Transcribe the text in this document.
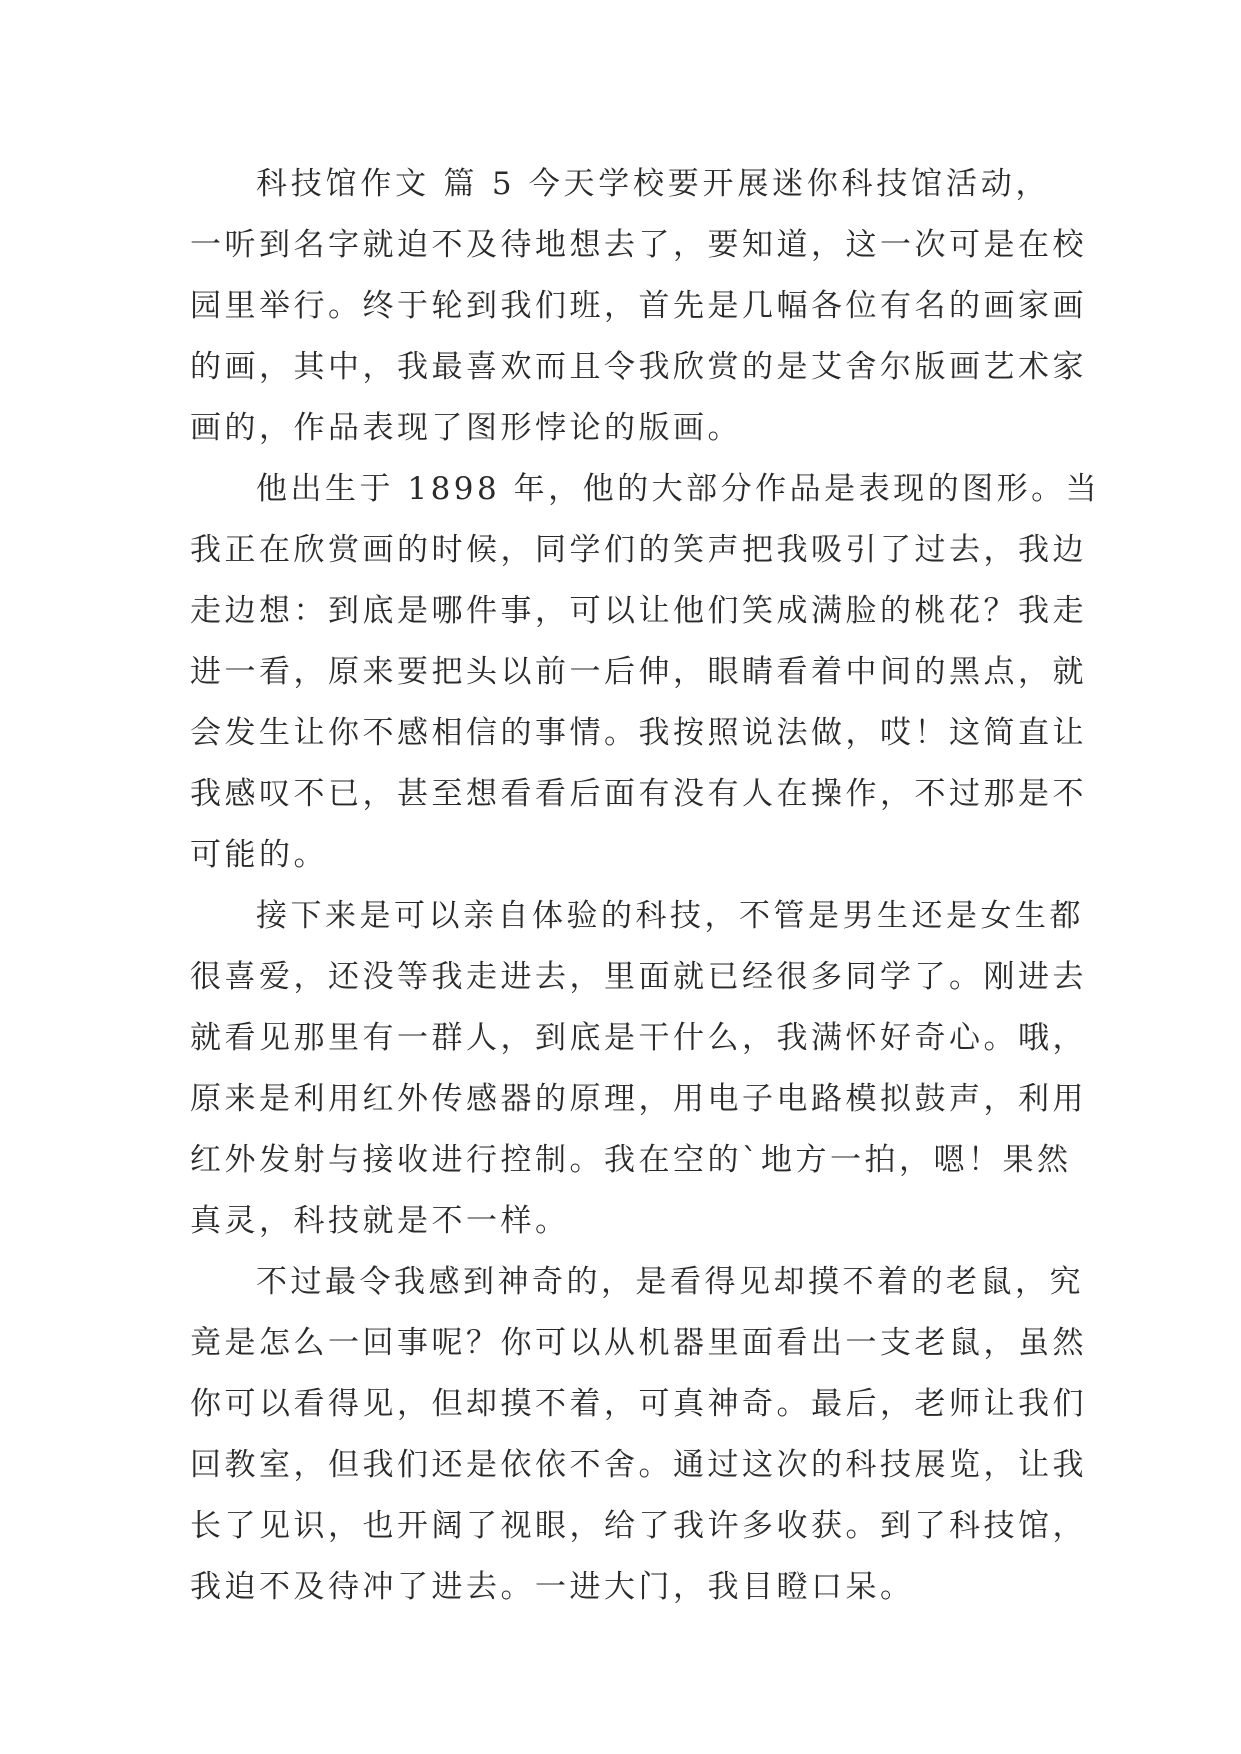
科技馆作文 篇 5 今天学校要开展迷你科技馆活动，
一听到名字就迫不及待地想去了，要知道，这一次可是在校
园里举行。终于轮到我们班，首先是几幅各位有名的画家画
的画，其中，我最喜欢而且令我欣赏的是艾舍尔版画艺术家
画的，作品表现了图形悖论的版画。
他出生于 1898 年，他的大部分作品是表现的图形。当
我正在欣赏画的时候，同学们的笑声把我吸引了过去，我边
走边想：到底是哪件事，可以让他们笑成满脸的桃花？我走
进一看，原来要把头以前一后伸，眼睛看着中间的黑点，就
会发生让你不感相信的事情。我按照说法做，哎！这简直让
我感叹不已，甚至想看看后面有没有人在操作，不过那是不
可能的。
接下来是可以亲自体验的科技，不管是男生还是女生都
很喜爱，还没等我走进去，里面就已经很多同学了。刚进去
就看见那里有一群人，到底是干什么，我满怀好奇心。哦，
原来是利用红外传感器的原理，用电子电路模拟鼓声，利用
红外发射与接收进行控制。我在空的`地方一拍，嗯！果然
真灵，科技就是不一样。
不过最令我感到神奇的，是看得见却摸不着的老鼠，究
竟是怎么一回事呢？你可以从机器里面看出一支老鼠，虽然
你可以看得见，但却摸不着，可真神奇。最后，老师让我们
回教室，但我们还是依依不舍。通过这次的科技展览，让我
长了见识，也开阔了视眼，给了我许多收获。到了科技馆，
我迫不及待冲了进去。一进大门，我目瞪口呆。
